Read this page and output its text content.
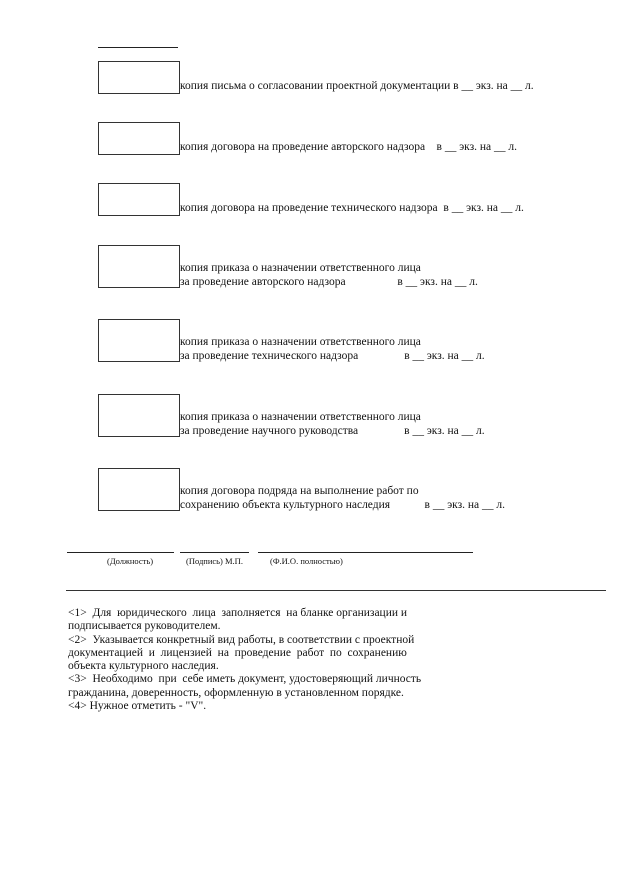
копия письма о согласовании проектной документации в __ экз. на __ л.
копия договора на проведение авторского надзора    в __ экз. на __ л.
копия договора на проведение технического надзора  в __ экз. на __ л.
копия приказа о назначении ответственного лица
за проведение авторского надзора                  в __ экз. на __ л.
копия приказа о назначении ответственного лица
за проведение технического надзора                в __ экз. на __ л.
копия приказа о назначении ответственного лица
за проведение научного руководства                в __ экз. на __ л.
копия договора подряда на выполнение работ по
сохранению объекта культурного наследия            в __ экз. на __ л.
(Должность)	(Подпись) М.П.	(Ф.И.О. полностью)

<1>  Для  юридического  лица  заполняется  на бланке организации и

подписывается руководителем.

<2>  Указывается конкретный вид работы, в соответствии с проектной

документацией  и  лицензией  на  проведение  работ  по  сохранению

объекта культурного наследия.

<3>  Необходимо  при  себе иметь документ, удостоверяющий личность

гражданина, доверенность, оформленную в установленном порядке.

<4> Нужное отметить - "V".
